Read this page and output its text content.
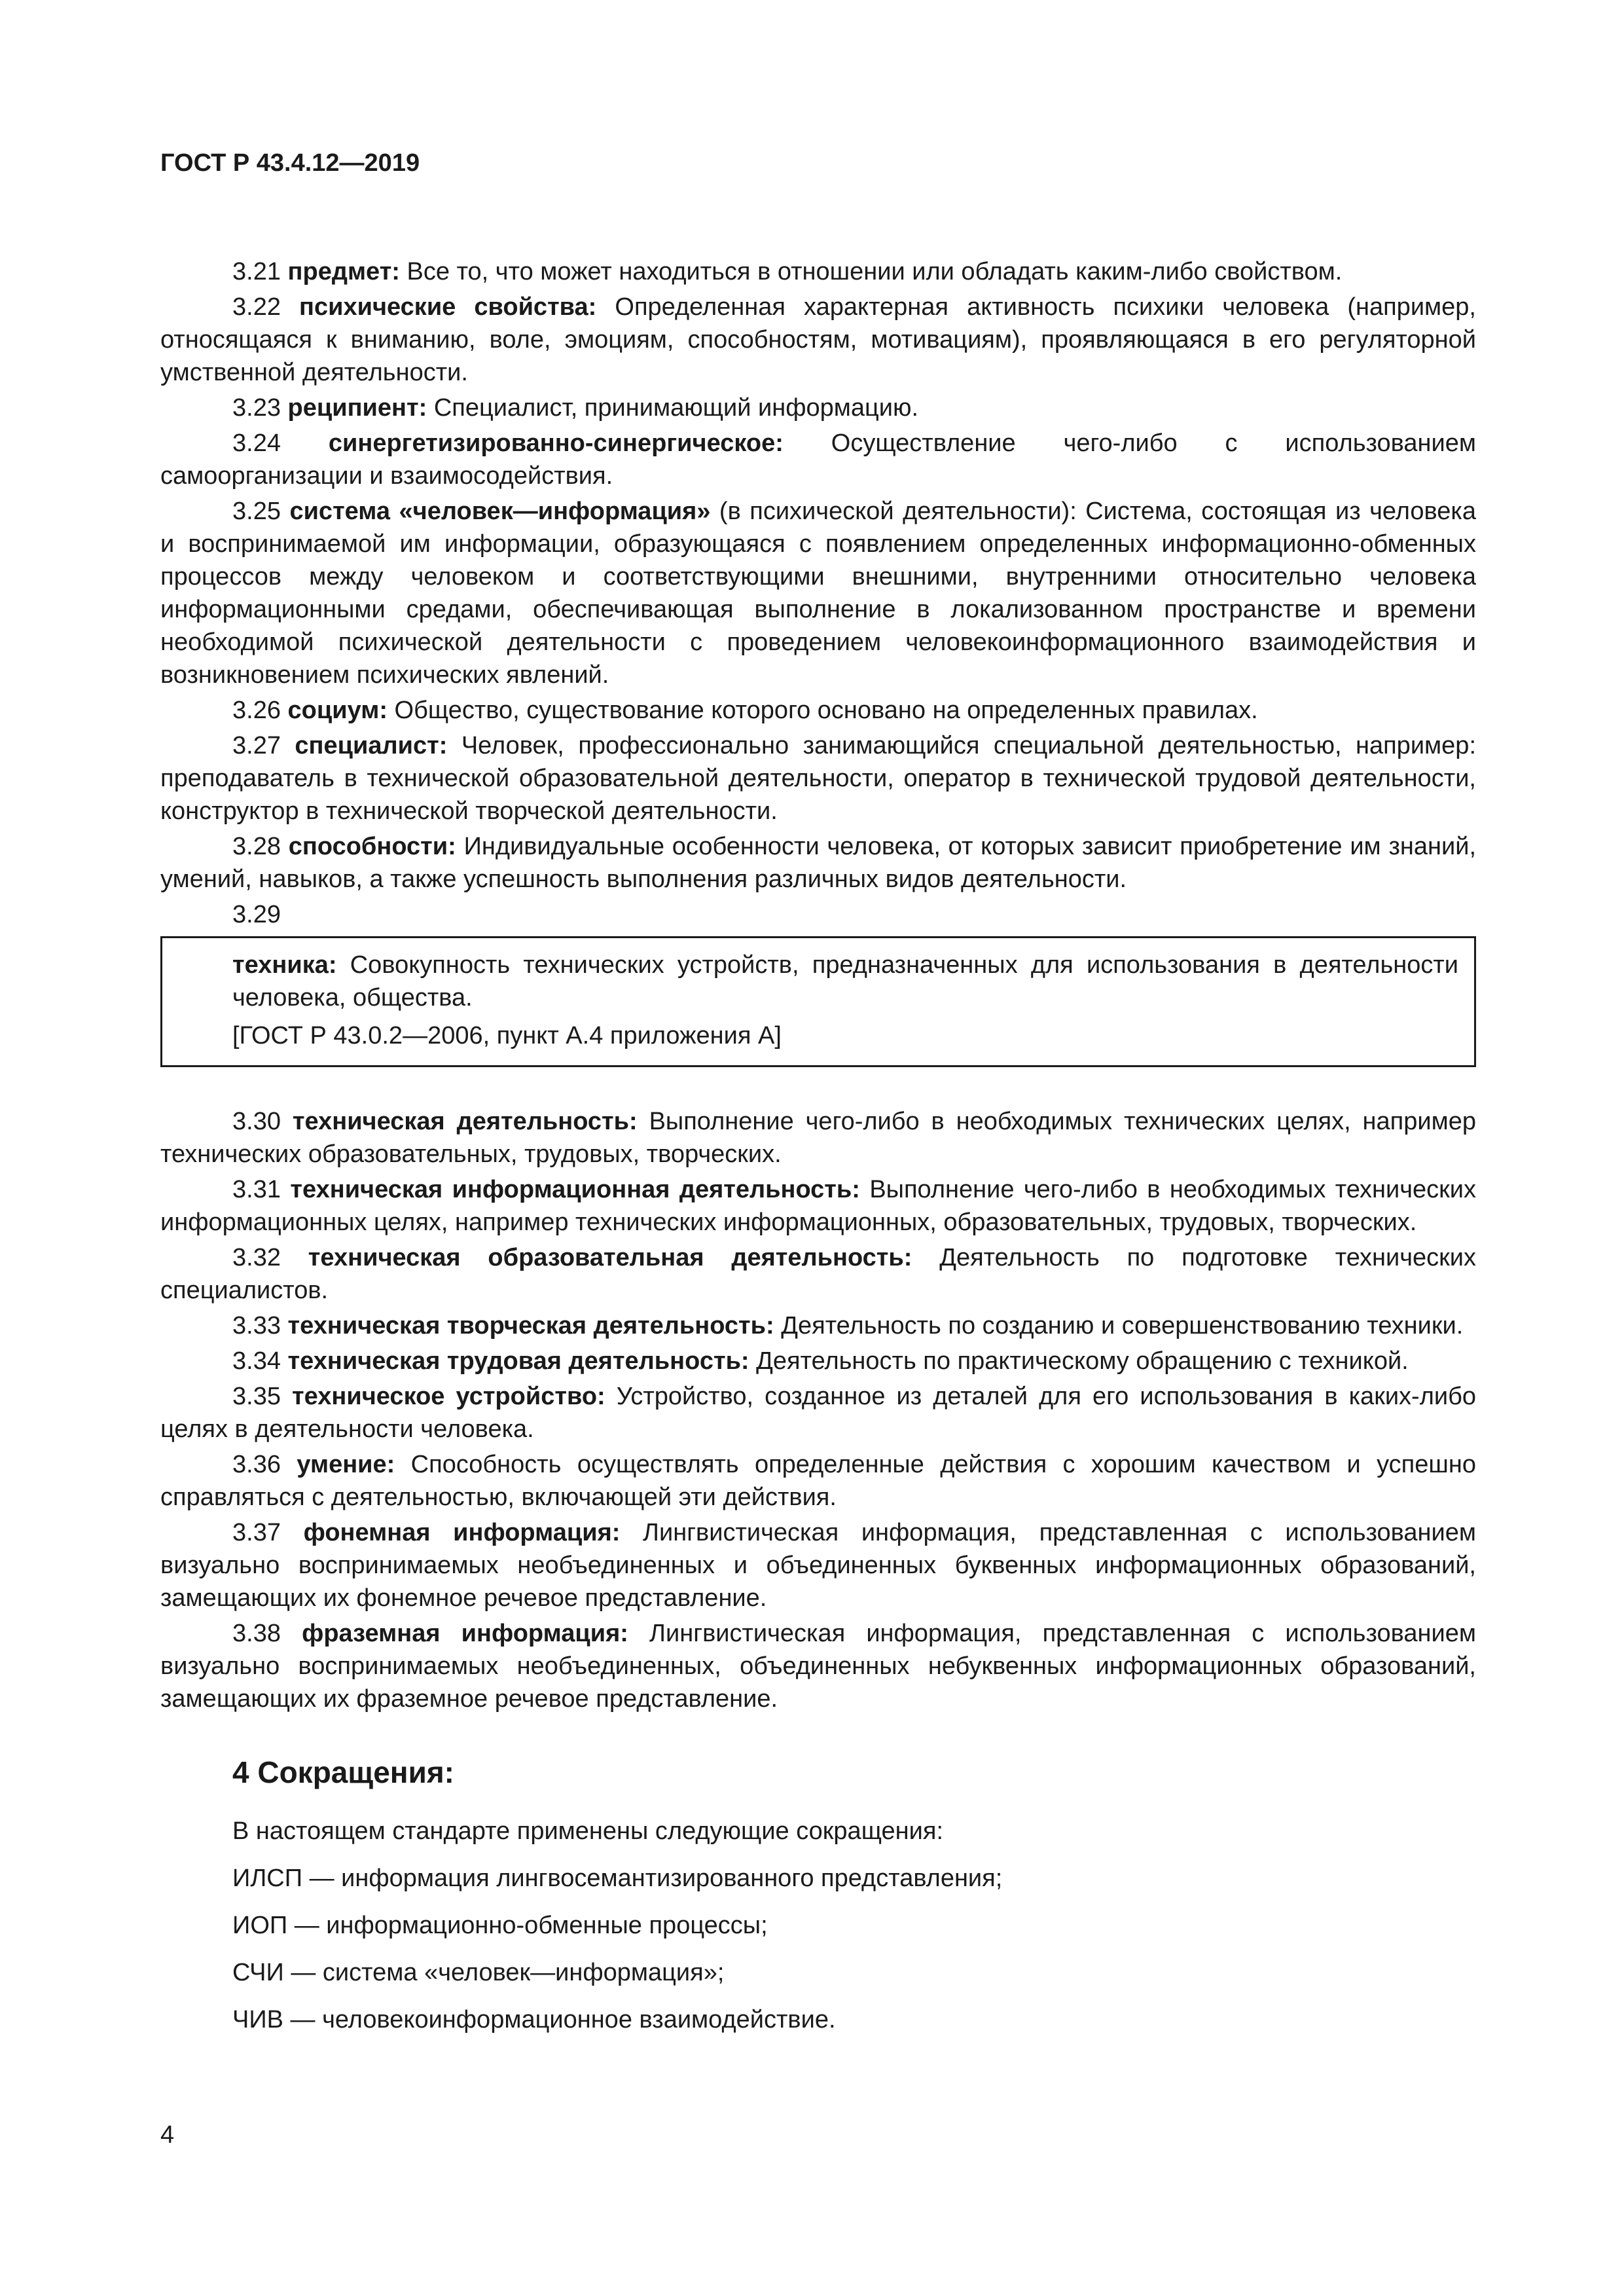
ГОСТ Р 43.4.12—2019

3.21 предмет: Все то, что может находиться в отношении или обладать каким-либо свойством.

3.22 психические свойства: Определенная характерная активность психики человека (например, относящаяся к вниманию, воле, эмоциям, способностям, мотивациям), проявляющаяся в его регуляторной умственной деятельности.

3.23 реципиент: Специалист, принимающий информацию.

3.24 синергетизированно-синергическое: Осуществление чего-либо с использованием самоорганизации и взаимосодействия.

3.25 система «человек—информация» (в психической деятельности): Система, состоящая из человека и воспринимаемой им информации, образующаяся с появлением определенных информационно-обменных процессов между человеком и соответствующими внешними, внутренними относительно человека информационными средами, обеспечивающая выполнение в локализованном пространстве и времени необходимой психической деятельности с проведением человекоинформационного взаимодействия и возникновением психических явлений.

3.26 социум: Общество, существование которого основано на определенных правилах.

3.27 специалист: Человек, профессионально занимающийся специальной деятельностью, например: преподаватель в технической образовательной деятельности, оператор в технической трудовой деятельности, конструктор в технической творческой деятельности.

3.28 способности: Индивидуальные особенности человека, от которых зависит приобретение им знаний, умений, навыков, а также успешность выполнения различных видов деятельности.

3.29

техника: Совокупность технических устройств, предназначенных для использования в деятельности человека, общества.

[ГОСТ Р 43.0.2—2006, пункт А.4 приложения А]

3.30 техническая деятельность: Выполнение чего-либо в необходимых технических целях, например технических образовательных, трудовых, творческих.

3.31 техническая информационная деятельность: Выполнение чего-либо в необходимых технических информационных целях, например технических информационных, образовательных, трудовых, творческих.

3.32 техническая образовательная деятельность: Деятельность по подготовке технических специалистов.

3.33 техническая творческая деятельность: Деятельность по созданию и совершенствованию техники.

3.34 техническая трудовая деятельность: Деятельность по практическому обращению с техникой.

3.35 техническое устройство: Устройство, созданное из деталей для его использования в каких-либо целях в деятельности человека.

3.36 умение: Способность осуществлять определенные действия с хорошим качеством и успешно справляться с деятельностью, включающей эти действия.

3.37 фонемная информация: Лингвистическая информация, представленная с использованием визуально воспринимаемых необъединенных и объединенных буквенных информационных образований, замещающих их фонемное речевое представление.

3.38 фраземная информация: Лингвистическая информация, представленная с использованием визуально воспринимаемых необъединенных, объединенных небуквенных информационных образований, замещающих их фраземное речевое представление.

4 Сокращения:

В настоящем стандарте применены следующие сокращения:

ИЛСП — информация лингвосемантизированного представления;

ИОП — информационно-обменные процессы;

СЧИ — система «человек—информация»;

ЧИВ — человекоинформационное взаимодействие.

4
